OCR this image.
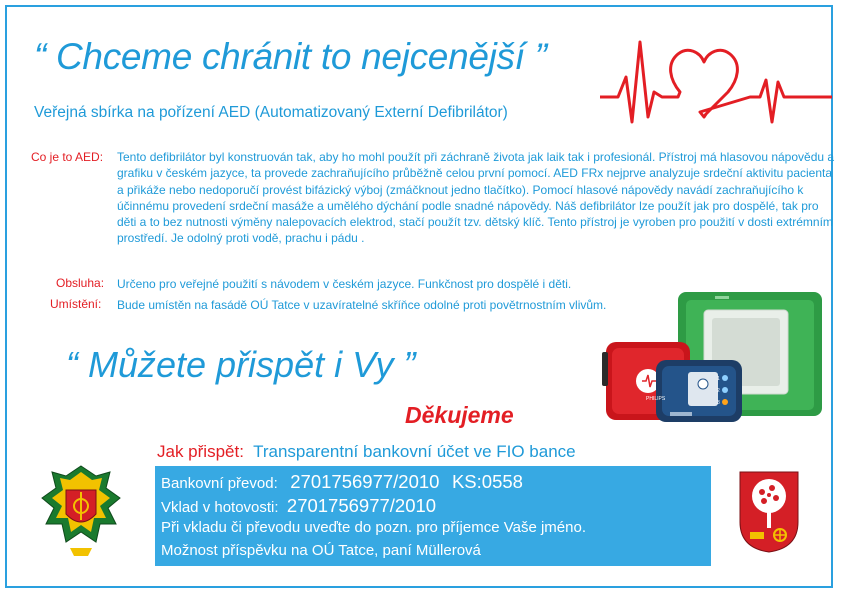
“ Chceme chránit to nejcenější ”
Veřejná sbírka na pořízení AED (Automatizovaný Externí Defibrilátor)
Co je to AED: Tento defibrilátor byl konstruován tak, aby ho mohl použít při záchraně života jak laik tak i profesionál. Přístroj má hlasovou nápovědu a grafiku v českém jazyce, ta provede zachraňujícího průběžně celou první pomocí. AED FRx nejprve analyzuje srdeční aktivitu pacienta a přikáže nebo nedoporučí provést bifázický výboj (zmáčknout jedno tlačítko). Pomocí hlasové nápovědy navádí zachraňujícího k účinnému provedení srdeční masáže a umělého dýchání podle snadné nápovědy. Náš defibrilátor lze použít jak pro dospělé, tak pro děti a to bez nutnosti výměny nalepovacích elektrod, stačí použít tzv. dětský klíč. Tento přístroj je vyroben pro použití v dosti extrémním prostředí. Je odolný proti vodě, prachu i pádu .
Obsluha: Určeno pro veřejné použití s návodem v českém jazyce. Funkčnost pro dospělé i děti.
Umístění: Bude umístěn na fasádě OÚ Tatce v uzavíratelné skříňce odolné proti povětrnostním vlivům.
“ Můžete přispět i Vy ”
PHILIPS
1
2
3
Děkujeme
Jak přispět: Transparentní bankovní účet ve FIO bance
Bankovní převod: 2701756977/2010 KS:0558
Vklad v hotovosti: 2701756977/2010
Při vkladu či převodu uveďte do pozn. pro příjemce Vaše jméno.
Možnost příspěvku na OÚ Tatce, paní Müllerová
